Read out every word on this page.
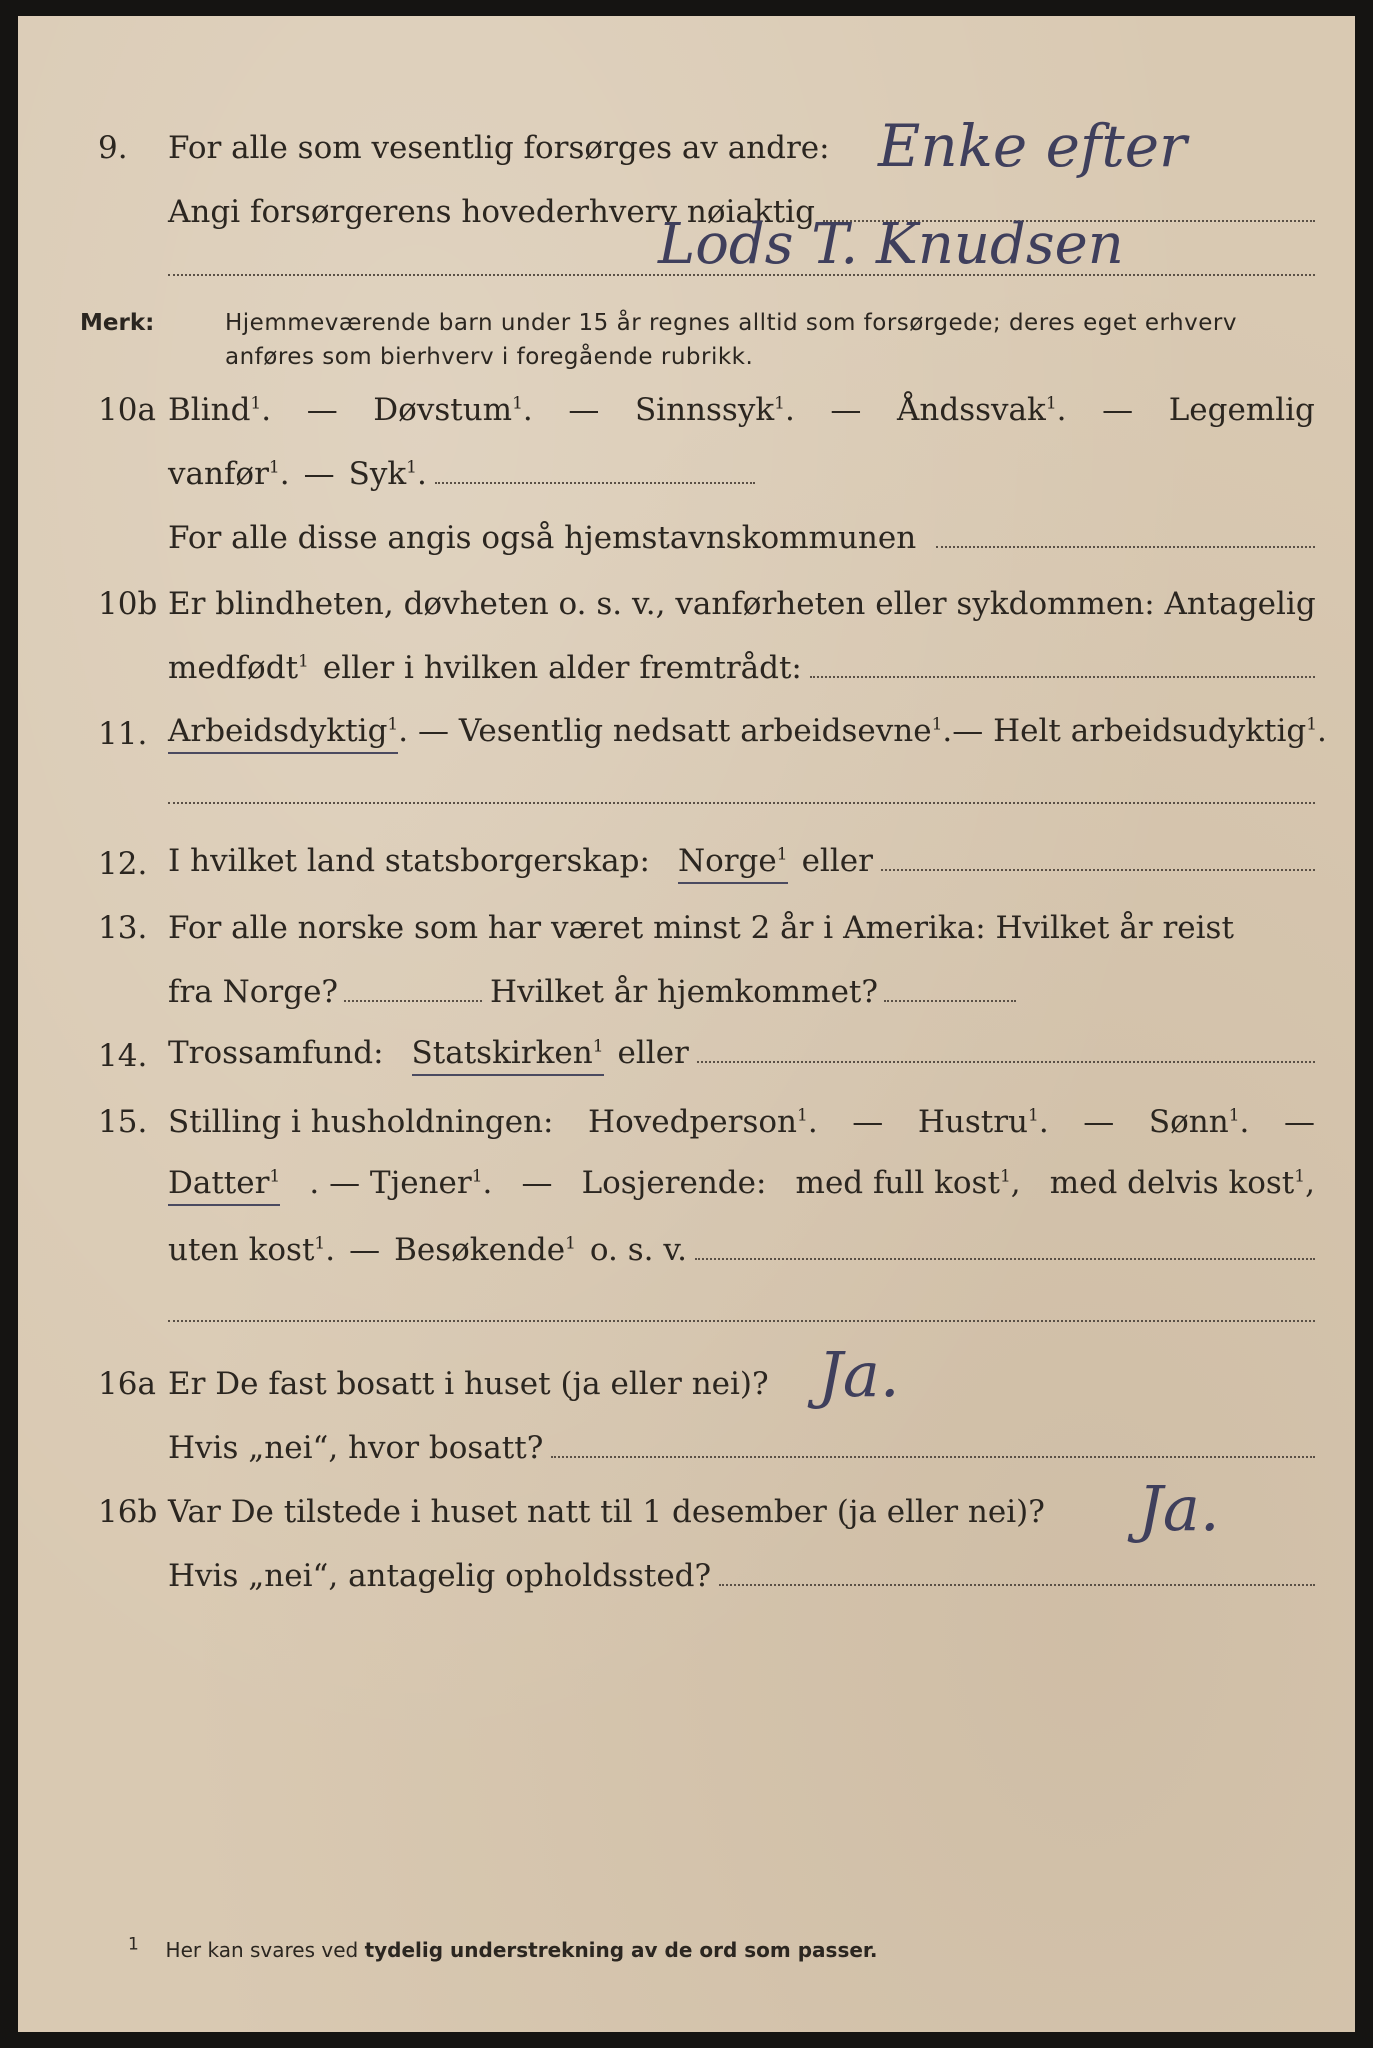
9. For alle som vesentlig forsørges av andre: Enke efter
Angi forsørgerens hovederhverv nøiaktig
Lods T. Knudsen
Merk:	Hjemmeværende barn under 15 år regnes alltid som forsørgede; deres eget erhverv
anføres som bierhverv i foregående rubrikk.
10a Blind$^1$. — Døvstum$^1$. — Sinnssyk$^1$. — Åndssvak$^1$. — Legemlig
vanfør$^1$. — Syk$^1$.
For alle disse angis også hjemstavnskommunen
10b Er blindheten, døvheten o. s. v., vanførheten eller sykdommen: Antagelig
medfødt$^1$ eller i hvilken alder fremtrådt:
11. Arbeidsdyktig$^1$ . — Vesentlig nedsatt arbeidsevne$^1$. — Helt arbeidsudyktig$^1$.
12. I hvilket land statsborgerskap: Norge$^1$ eller
13. For alle norske som har været minst 2 år i Amerika: Hvilket år reist
fra Norge?	Hvilket år hjemkommet?
14. Trossamfund: Statskirken$^1$ eller
15. Stilling i husholdningen: Hovedperson$^1$. — Hustru$^1$. — Sønn$^1$. —
Datter$^1$ . — Tjener$^1$. — Losjerende: med full kost$^1$, med delvis kost$^1$,
uten kost$^1$. — Besøkende$^1$ o. s. v.
16a Er De fast bosatt i huset (ja eller nei)? Ja.
Hvis „nei“, hvor bosatt?
16b Var De tilstede i huset natt til 1 desember (ja eller nei)? Ja.
Hvis „nei“, antagelig opholdssted?
$^1$ Her kan svares ved tydelig understrekning av de ord som passer.
